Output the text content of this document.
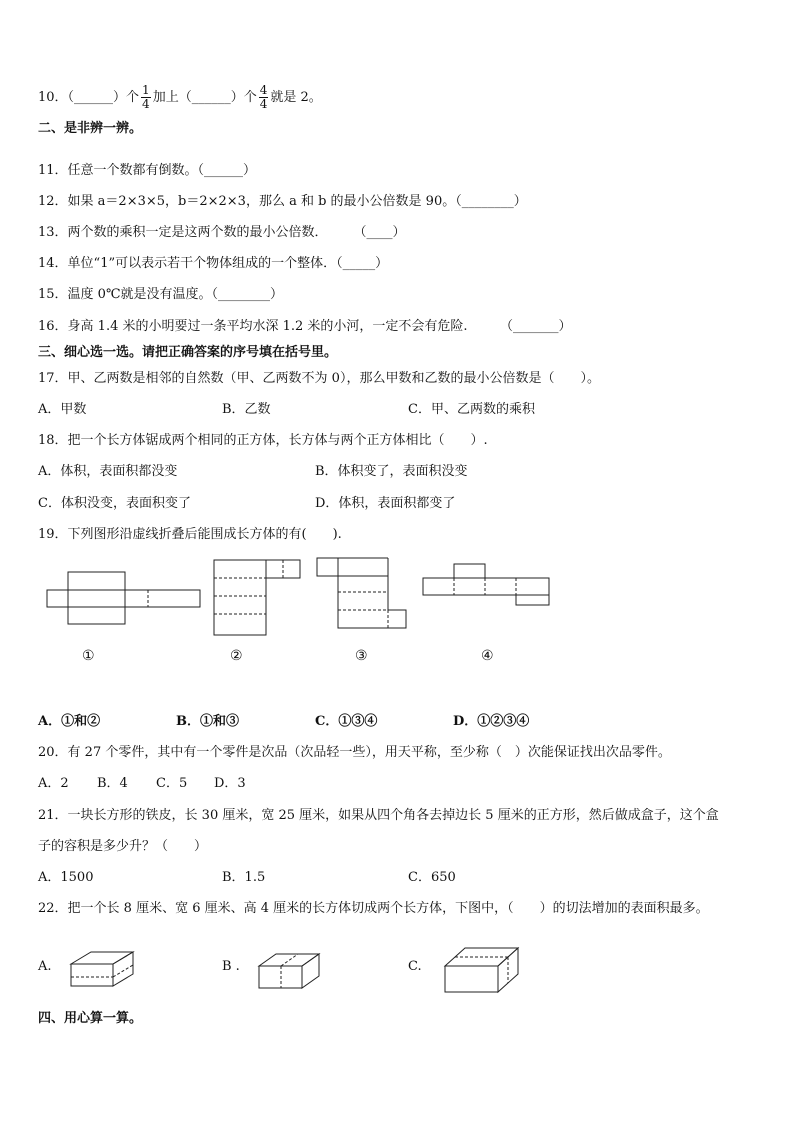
10．（______）个 $\frac{1}{4}$ 加上（______）个 $\frac{4}{4}$ 就是 2。
二、是非辨一辨。
11．任意一个数都有倒数。（______）
12．如果 a＝2×3×5，b＝2×2×3，那么 a 和 b 的最小公倍数是 90。（________）
13．两个数的乘积一定是这两个数的最小公倍数．　　　（____）
14．单位“1”可以表示若干个物体组成的一个整体．（_____）
15．温度 0℃就是没有温度。（________）
16．身高 1.4 米的小明要过一条平均水深 1.2 米的小河，一定不会有危险.　　　（_______）
三、细心选一选。请把正确答案的序号填在括号里。
17．甲、乙两数是相邻的自然数（甲、乙两数不为 0），那么甲数和乙数的最小公倍数是（　　）。
A．甲数	B．乙数	C．甲、乙两数的乘积
18．把一个长方体锯成两个相同的正方体，长方体与两个正方体相比（　　）.
A．体积，表面积都没变	B．体积变了，表面积没变
C．体积没变，表面积变了	D．体积，表面积都变了
19．下列图形沿虚线折叠后能围成长方体的有(　　).
①	②	③	④
A．①和②	B．①和③	C．①③④	D．①②③④
20．有 27 个零件，其中有一个零件是次品（次品轻一些），用天平称，至少称（　）次能保证找出次品零件。
A．2 B．4 C．5 D．3
21．一块长方形的铁皮，长 30 厘米，宽 25 厘米，如果从四个角各去掉边长 5 厘米的正方形，然后做成盒子，这个盒
子的容积是多少升？（　　）
A．1500	B．1.5	C．650
22．把一个长 8 厘米、宽 6 厘米、高 4 厘米的长方体切成两个长方体，下图中，（　　）的切法增加的表面积最多。
A.	B .	C.
四、用心算一算。
